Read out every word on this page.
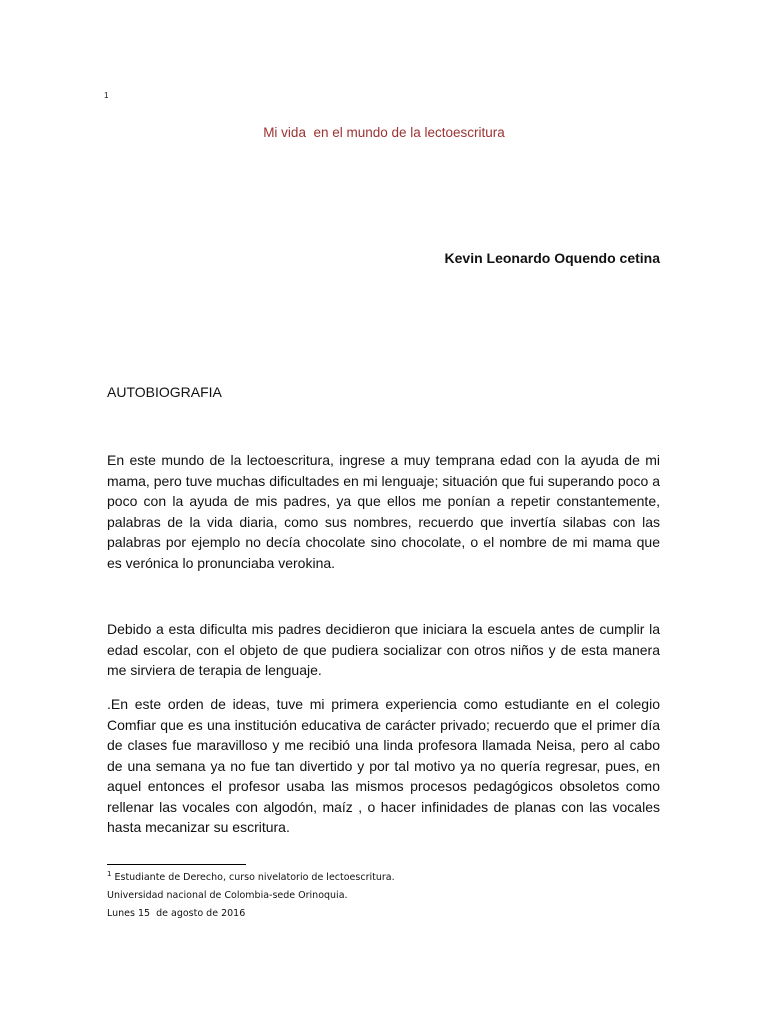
1
Mi vida  en el mundo de la lectoescritura
Kevin Leonardo Oquendo cetina
AUTOBIOGRAFIA

En este mundo de la lectoescritura, ingrese a muy temprana edad con la ayuda de mi mama, pero tuve muchas dificultades en mi lenguaje; situación que fui superando poco a poco con la ayuda de mis padres, ya que ellos me ponían a repetir constantemente, palabras de la vida diaria, como sus nombres, recuerdo que invertía silabas con las palabras por ejemplo no decía chocolate sino chocolate, o el nombre de mi mama que es verónica lo pronunciaba verokina.

Debido a esta dificulta mis padres decidieron que iniciara la escuela antes de cumplir la edad escolar, con el objeto de que pudiera socializar con otros niños y de esta manera me sirviera de terapia de lenguaje.

.En este orden de ideas, tuve mi primera experiencia como estudiante en el colegio Comfiar que es una institución educativa de carácter privado; recuerdo que el primer día de clases fue maravilloso y me recibió una linda profesora llamada Neisa, pero al cabo de una semana ya no fue tan divertido y por tal motivo ya no quería regresar, pues, en aquel entonces el profesor usaba las mismos procesos pedagógicos obsoletos como rellenar las vocales con algodón, maíz , o hacer infinidades de planas con las vocales hasta mecanizar su escritura.

$^1$ Estudiante de Derecho, curso nivelatorio de lectoescritura.
Universidad nacional de Colombia-sede Orinoquia.
Lunes 15  de agosto de 2016
